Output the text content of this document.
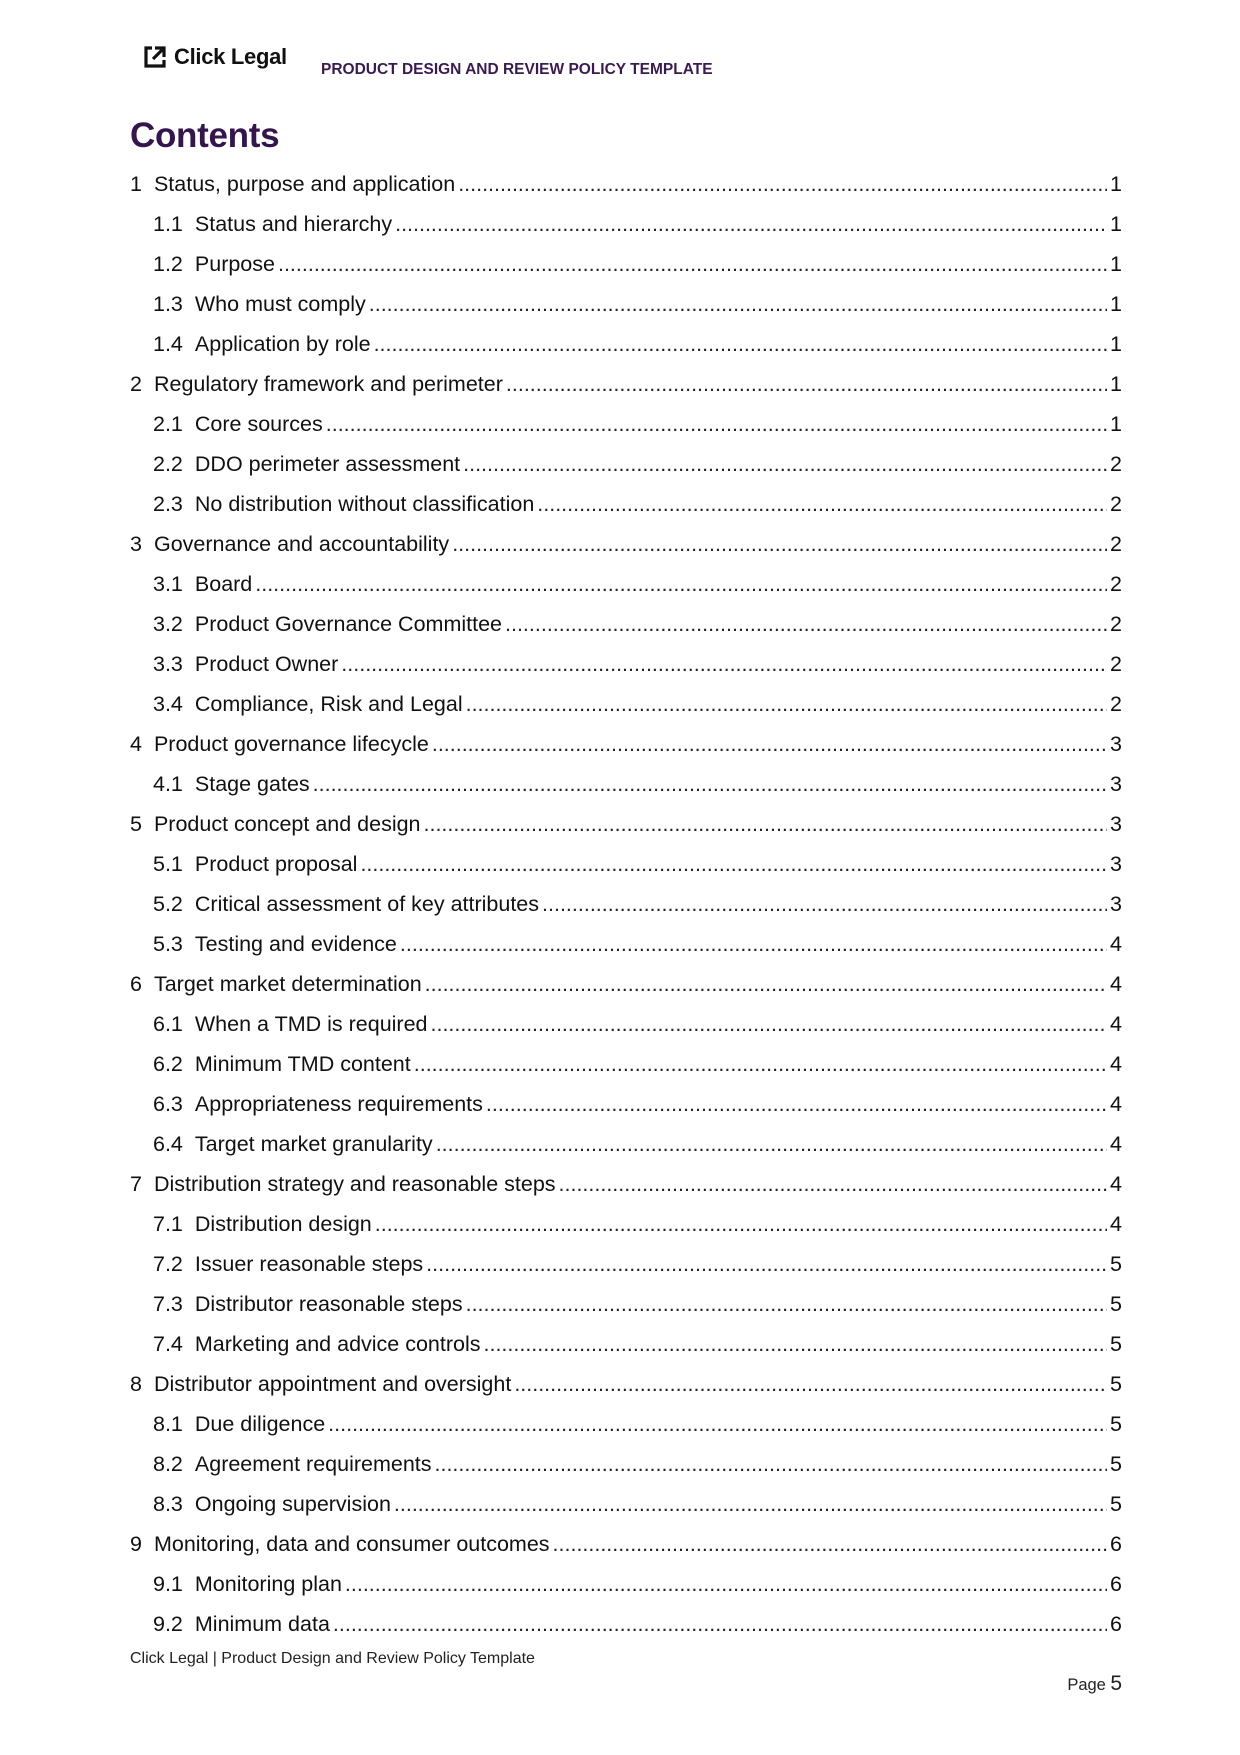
Click Legal
PRODUCT DESIGN AND REVIEW POLICY TEMPLATE
Contents
1 Status, purpose and application .....	1
1.1 Status and hierarchy .....	1
1.2 Purpose .....	1
1.3 Who must comply .....	1
1.4 Application by role .....	1
2 Regulatory framework and perimeter .....	1
2.1 Core sources .....	1
2.2 DDO perimeter assessment .....	2
2.3 No distribution without classification .....	2
3 Governance and accountability .....	2
3.1 Board .....	2
3.2 Product Governance Committee .....	2
3.3 Product Owner .....	2
3.4 Compliance, Risk and Legal .....	2
4 Product governance lifecycle .....	3
4.1 Stage gates .....	3
5 Product concept and design .....	3
5.1 Product proposal .....	3
5.2 Critical assessment of key attributes .....	3
5.3 Testing and evidence .....	4
6 Target market determination .....	4
6.1 When a TMD is required .....	4
6.2 Minimum TMD content .....	4
6.3 Appropriateness requirements .....	4
6.4 Target market granularity .....	4
7 Distribution strategy and reasonable steps .....	4
7.1 Distribution design .....	4
7.2 Issuer reasonable steps .....	5
7.3 Distributor reasonable steps .....	5
7.4 Marketing and advice controls .....	5
8 Distributor appointment and oversight .....	5
8.1 Due diligence .....	5
8.2 Agreement requirements .....	5
8.3 Ongoing supervision .....	5
9 Monitoring, data and consumer outcomes .....	6
9.1 Monitoring plan .....	6
9.2 Minimum data .....	6
Click Legal | Product Design and Review Policy Template
Page 5
